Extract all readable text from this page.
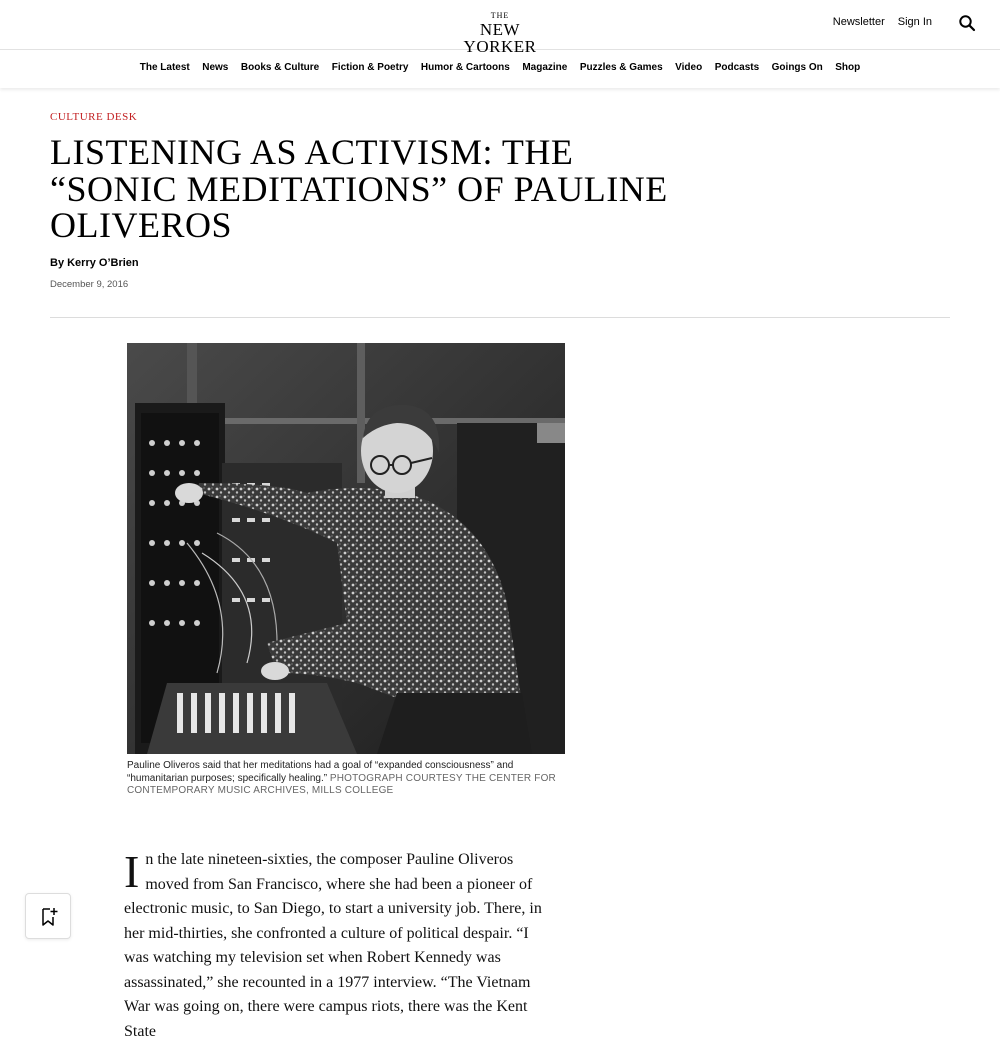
THE
NEW YORKER
Newsletter Sign In
The Latest News Books & Culture Fiction & Poetry Humor & Cartoons Magazine Puzzles & Games Video Podcasts Goings On Shop
CULTURE DESK
LISTENING AS ACTIVISM: THE “SONIC MEDITATIONS” OF PAULINE OLIVEROS
By Kerry O’Brien
December 9, 2016
Pauline Oliveros said that her meditations had a goal of “expanded consciousness” and “humanitarian purposes; specifically healing.” PHOTOGRAPH COURTESY THE CENTER FOR CONTEMPORARY MUSIC ARCHIVES, MILLS COLLEGE
In the late nineteen-sixties, the composer Pauline Oliveros moved from San Francisco, where she had been a pioneer of electronic music, to San Diego, to start a university job. There, in her mid-thirties, she confronted a culture of political despair. “I was watching my television set when Robert Kennedy was assassinated,” she recounted in a 1977 interview. “The Vietnam War was going on, there were campus riots, there was the Kent State
